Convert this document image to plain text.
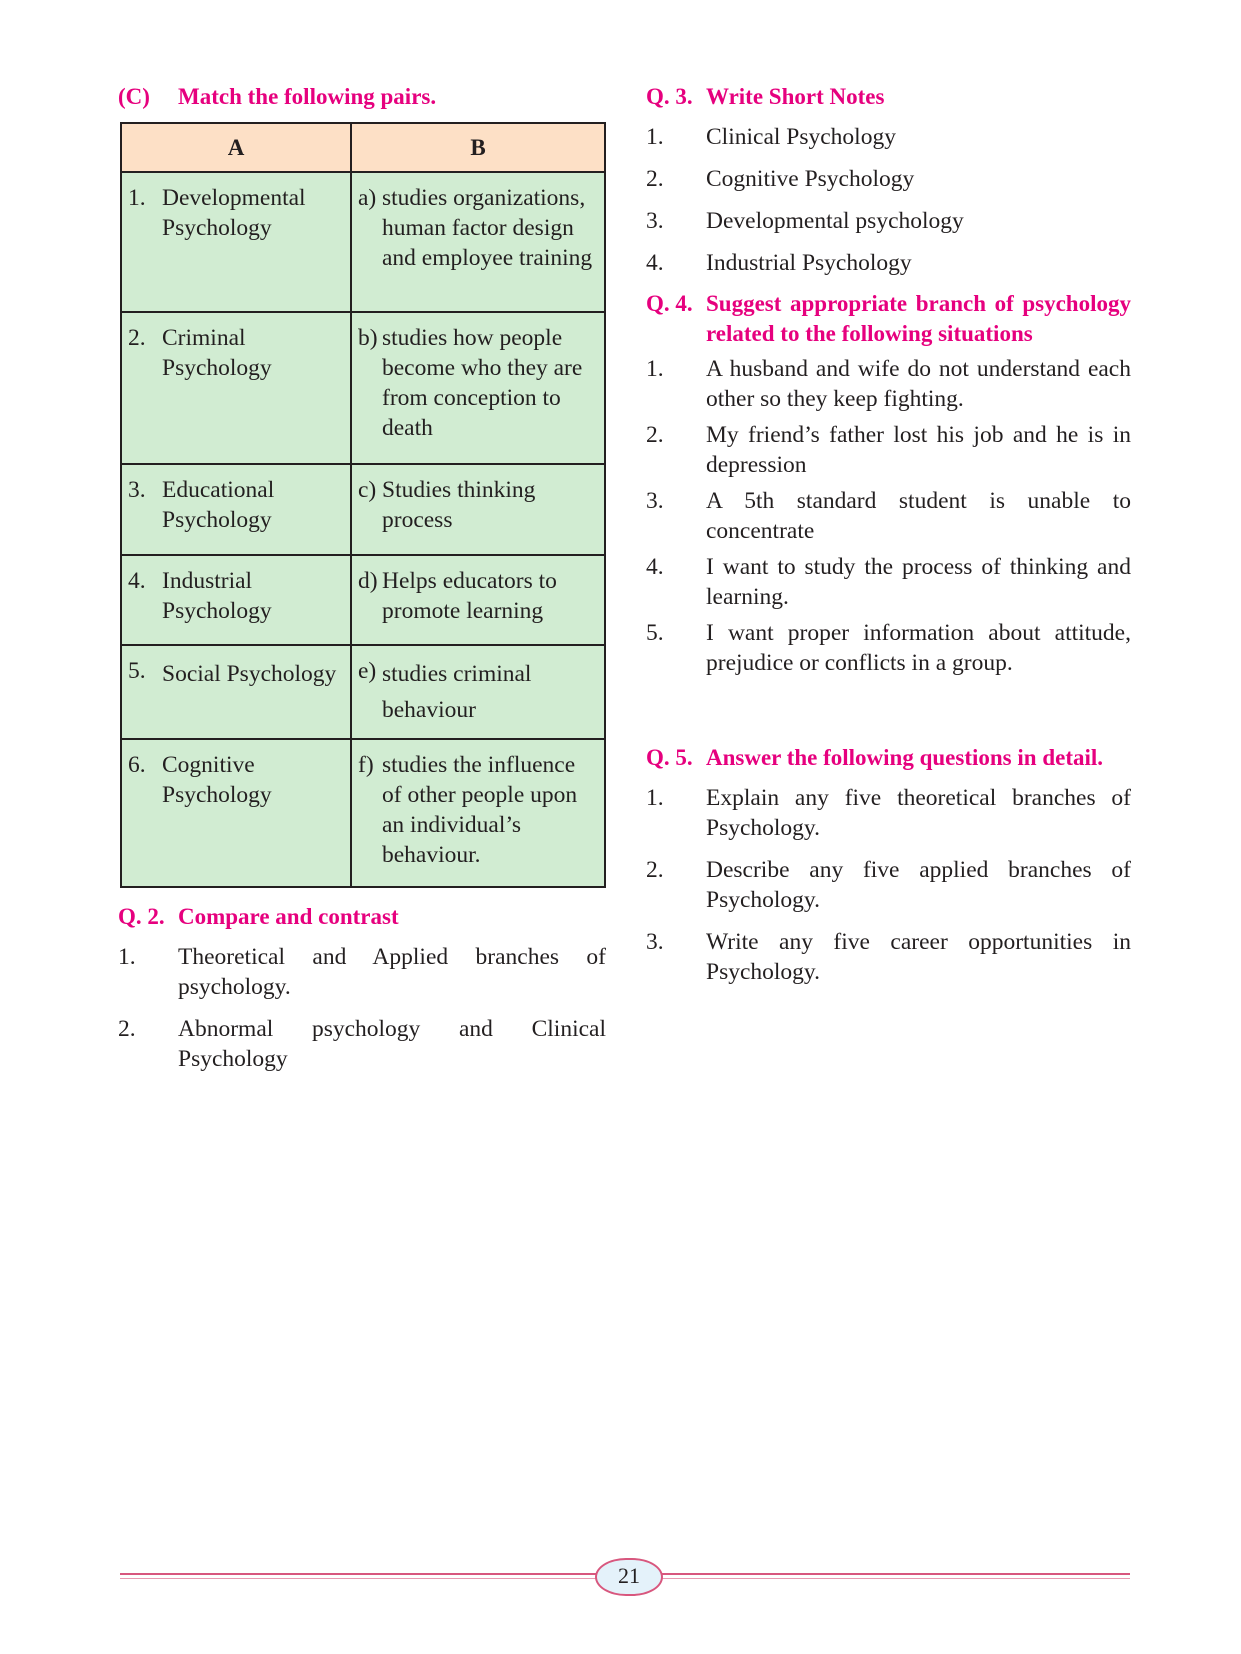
(C) Match the following pairs.
A	B

1. Developmental Psychology	a) studies organizations, human factor design and employee training

2. Criminal Psychology	b) studies how people become who they are from conception to death

3. Educational Psychology	c) Studies thinking process

4. Industrial Psychology	d) Helps educators to promote learning

5. Social Psychology	e) studies criminal behaviour

6. Cognitive Psychology	f) studies the influence of other people upon an individual’s behaviour.
Q. 2. Compare and contrast
1.	Theoretical and Applied branches of psychology.
2.	Abnormal psychology and Clinical Psychology
Q. 3. Write Short Notes
1.	Clinical Psychology
2.	Cognitive Psychology
3.	Developmental psychology
4.	Industrial Psychology
Q. 4. Suggest appropriate branch of psychology related to the following situations
1.	A husband and wife do not understand each other so they keep fighting.
2.	My friend’s father lost his job and he is in depression
3.	A 5th standard student is unable to concentrate
4.	I want to study the process of thinking and learning.
5.	I want proper information about attitude, prejudice or conflicts in a group.
Q. 5. Answer the following questions in detail.
1.	Explain any five theoretical branches of Psychology.
2.	Describe any five applied branches of Psychology.
3.	Write any five career opportunities in Psychology.
21
